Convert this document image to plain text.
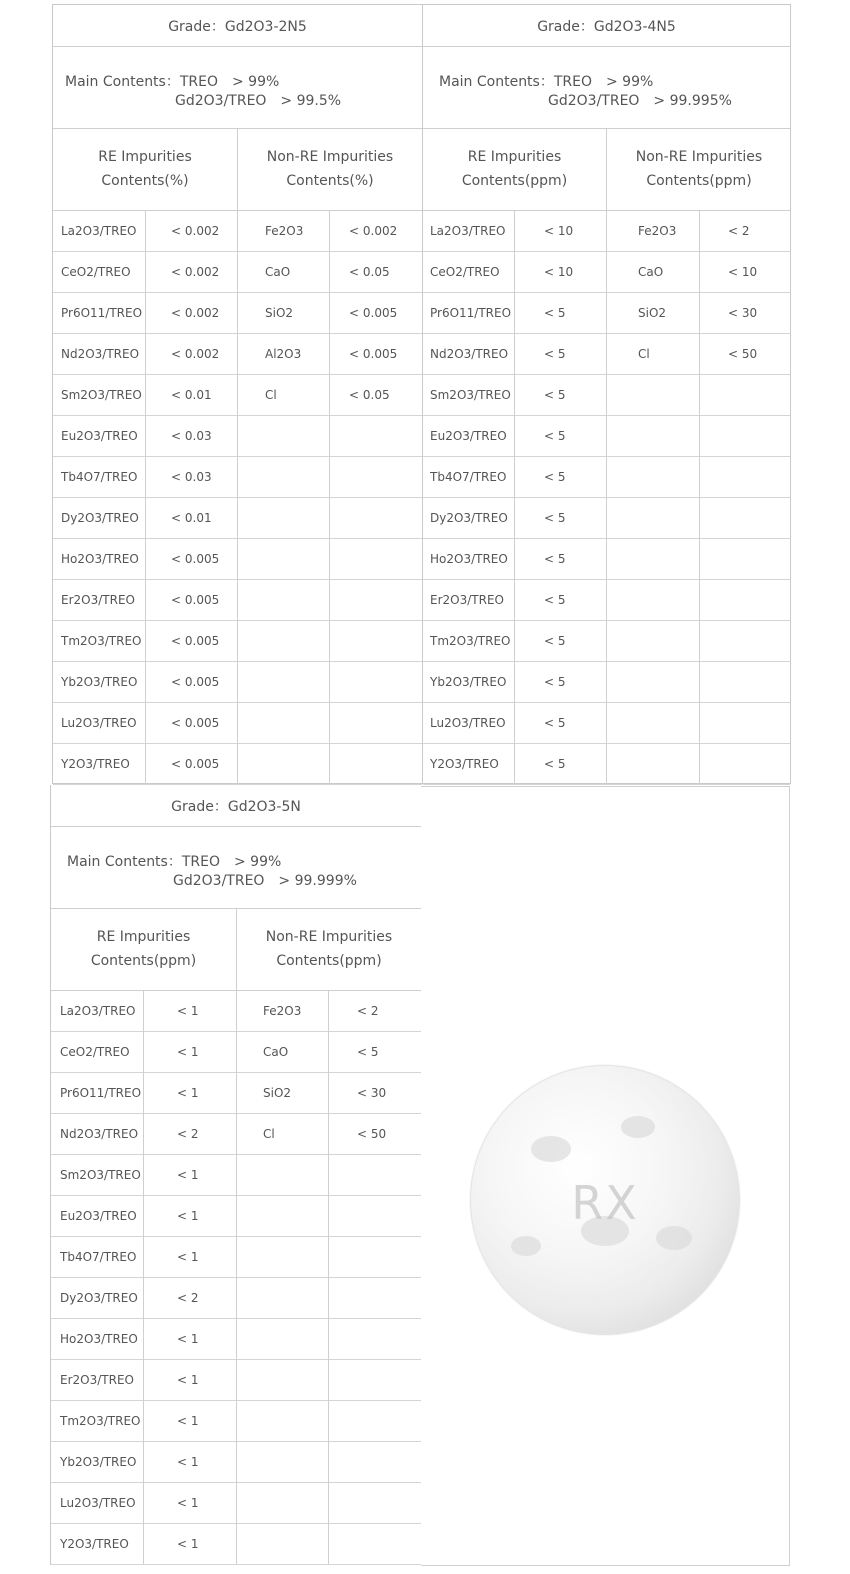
Grade：Gd2O3-2N5
Main Contents：TREO　> 99%
Gd2O3/TREO　> 99.5%
RE Impurities
Contents(%)
Non-RE Impurities
Contents(%)
La2O3/TREO	< 0.002	Fe2O3	< 0.002
CeO2/TREO	< 0.002	CaO	< 0.05
Pr6O11/TREO < 0.002	SiO2	< 0.005
Nd2O3/TREO	< 0.002	Al2O3	< 0.005
Sm2O3/TREO < 0.01	Cl	< 0.05
Eu2O3/TREO	< 0.03
Tb4O7/TREO	< 0.03
Dy2O3/TREO	< 0.01
Ho2O3/TREO	< 0.005
Er2O3/TREO	< 0.005
Tm2O3/TREO < 0.005
Yb2O3/TREO	< 0.005
Lu2O3/TREO	< 0.005
Y2O3/TREO	< 0.005
Grade：Gd2O3-4N5
Main Contents：TREO　> 99%
Gd2O3/TREO　> 99.995%
RE Impurities
Contents(ppm)
Non-RE Impurities
Contents(ppm)
La2O3/TREO	< 10	Fe2O3	< 2
CeO2/TREO	< 10	CaO	< 10
Pr6O11/TREO	< 5	SiO2	< 30
Nd2O3/TREO	< 5	Cl	< 50
Sm2O3/TREO	< 5
Eu2O3/TREO	< 5
Tb4O7/TREO	< 5
Dy2O3/TREO	< 5
Ho2O3/TREO	< 5
Er2O3/TREO	< 5
Tm2O3/TREO	< 5
Yb2O3/TREO	< 5
Lu2O3/TREO	< 5
Y2O3/TREO	< 5
Grade：Gd2O3-5N
Main Contents：TREO　> 99%
Gd2O3/TREO　> 99.999%
RE Impurities
Contents(ppm)
Non-RE Impurities
Contents(ppm)
La2O3/TREO	< 1	Fe2O3	< 2
CeO2/TREO	< 1	CaO	< 5
Pr6O11/TREO	< 1	SiO2	< 30
Nd2O3/TREO	< 2	Cl	< 50
Sm2O3/TREO	< 1
Eu2O3/TREO	< 1
Tb4O7/TREO	< 1
Dy2O3/TREO	< 2
Ho2O3/TREO	< 1
Er2O3/TREO	< 1
Tm2O3/TREO	< 1
Yb2O3/TREO	< 1
Lu2O3/TREO	< 1
Y2O3/TREO	< 1
RX
